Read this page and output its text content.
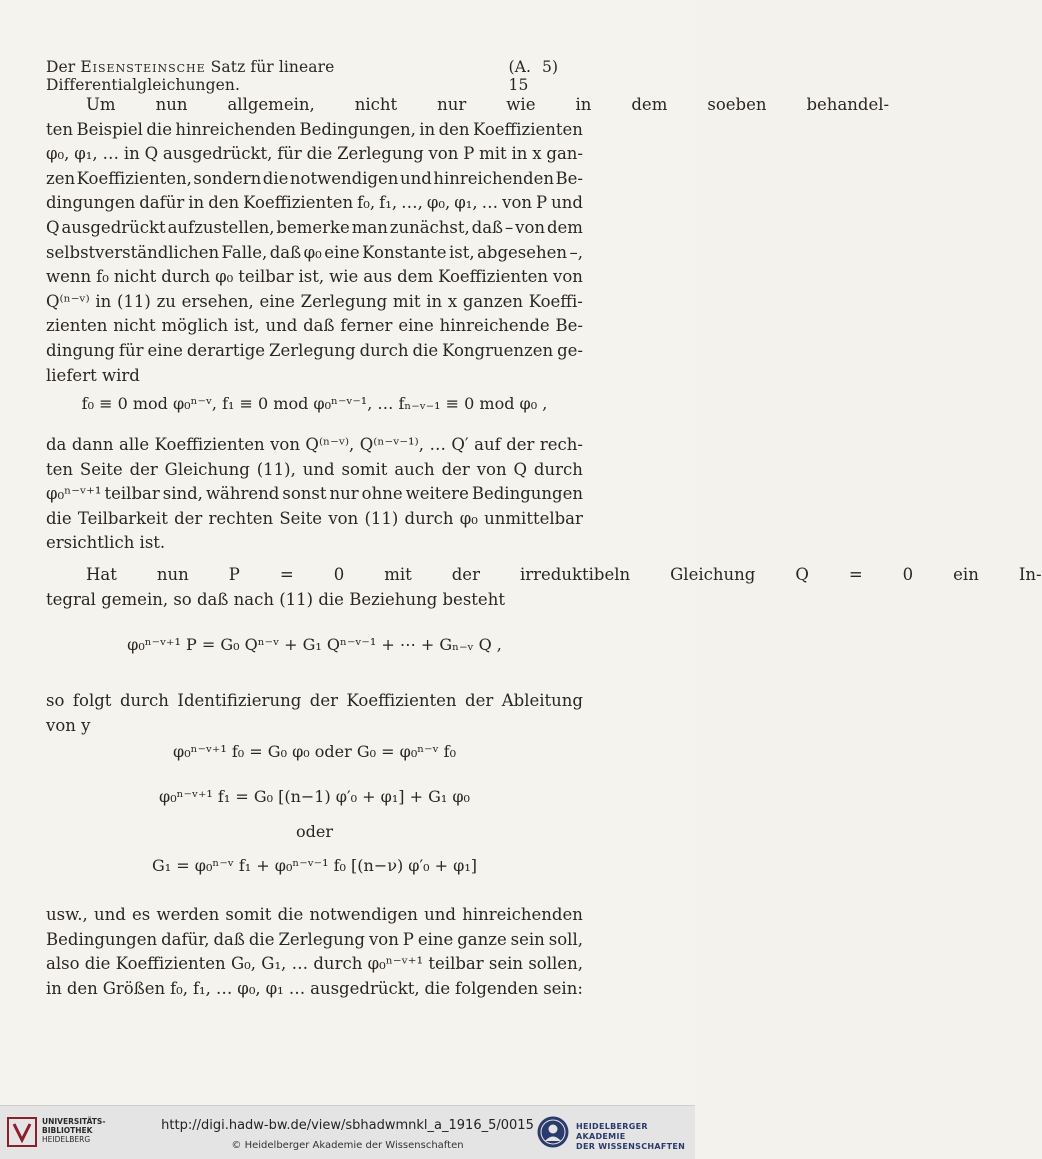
Der Eisensteinsche Satz für lineare Differentialgleichungen.
(A. 5) 15

Um	nun	allgemein,	nicht	nur	wie	in	dem	soeben	behandel-

ten Beispiel die hinreichenden Bedingungen, in den Koeffizienten

φ₀, φ₁, … in Q ausgedrückt, für die Zerlegung von P mit in x gan-

zen Koeffizienten, sondern die notwendigen und hinreichenden Be-

dingungen dafür in den Koeffizienten f₀, f₁, …, φ₀, φ₁, … von P und

Q ausgedrückt aufzustellen, bemerke man zunächst, daß – von dem

selbstverständlichen Falle, daß φ₀ eine Konstante ist, abgesehen –,

wenn f₀ nicht durch φ₀ teilbar ist, wie aus dem Koeffizienten von

Q⁽ⁿ⁻ᵛ⁾ in (11) zu ersehen, eine Zerlegung mit in x ganzen Koeffi-

zienten nicht möglich ist, und daß ferner eine hinreichende Be-

dingung für eine derartige Zerlegung durch die Kongruenzen ge-

liefert wird

f₀ ≡ 0 mod φ₀ⁿ⁻ᵛ, f₁ ≡ 0 mod φ₀ⁿ⁻ᵛ⁻¹, … fₙ₋ᵥ₋₁ ≡ 0 mod φ₀ ,

da dann alle Koeffizienten von Q⁽ⁿ⁻ᵛ⁾, Q⁽ⁿ⁻ᵛ⁻¹⁾, … Q′ auf der rech-

ten Seite der Gleichung (11), und somit auch der von Q durch

φ₀ⁿ⁻ᵛ⁺¹ teilbar sind, während sonst nur ohne weitere Bedingungen

die Teilbarkeit der rechten Seite von (11) durch φ₀ unmittelbar

ersichtlich ist.

Hat	nun	P	=	0	mit	der	irreduktibeln	Gleichung	Q	=	0	ein	In-

tegral gemein, so daß nach (11) die Beziehung besteht

φ₀ⁿ⁻ᵛ⁺¹ P = G₀ Qⁿ⁻ᵛ + G₁ Qⁿ⁻ᵛ⁻¹ + ⋯ + Gₙ₋ᵥ Q ,

so folgt durch Identifizierung der Koeffizienten der Ableitung von y

φ₀ⁿ⁻ᵛ⁺¹ f₀ = G₀ φ₀ oder G₀ = φ₀ⁿ⁻ᵛ f₀
φ₀ⁿ⁻ᵛ⁺¹ f₁ = G₀ [(n−1) φ′₀ + φ₁] + G₁ φ₀
oder
G₁ = φ₀ⁿ⁻ᵛ f₁ + φ₀ⁿ⁻ᵛ⁻¹ f₀ [(n−ν) φ′₀ + φ₁]

usw., und es werden somit die notwendigen und hinreichenden

Bedingungen dafür, daß die Zerlegung von P eine ganze sein soll,

also die Koeffizienten G₀, G₁, … durch φ₀ⁿ⁻ᵛ⁺¹ teilbar sein sollen,

in den Größen f₀, f₁, … φ₀, φ₁ … ausgedrückt, die folgenden sein:

UNIVERSITÄTS-
BIBLIOTHEK
HEIDELBERG
http://digi.hadw-bw.de/view/sbhadwmnkl_a_1916_5/0015
© Heidelberger Akademie der Wissenschaften
HEIDELBERGER AKADEMIE
DER WISSENSCHAFTEN
